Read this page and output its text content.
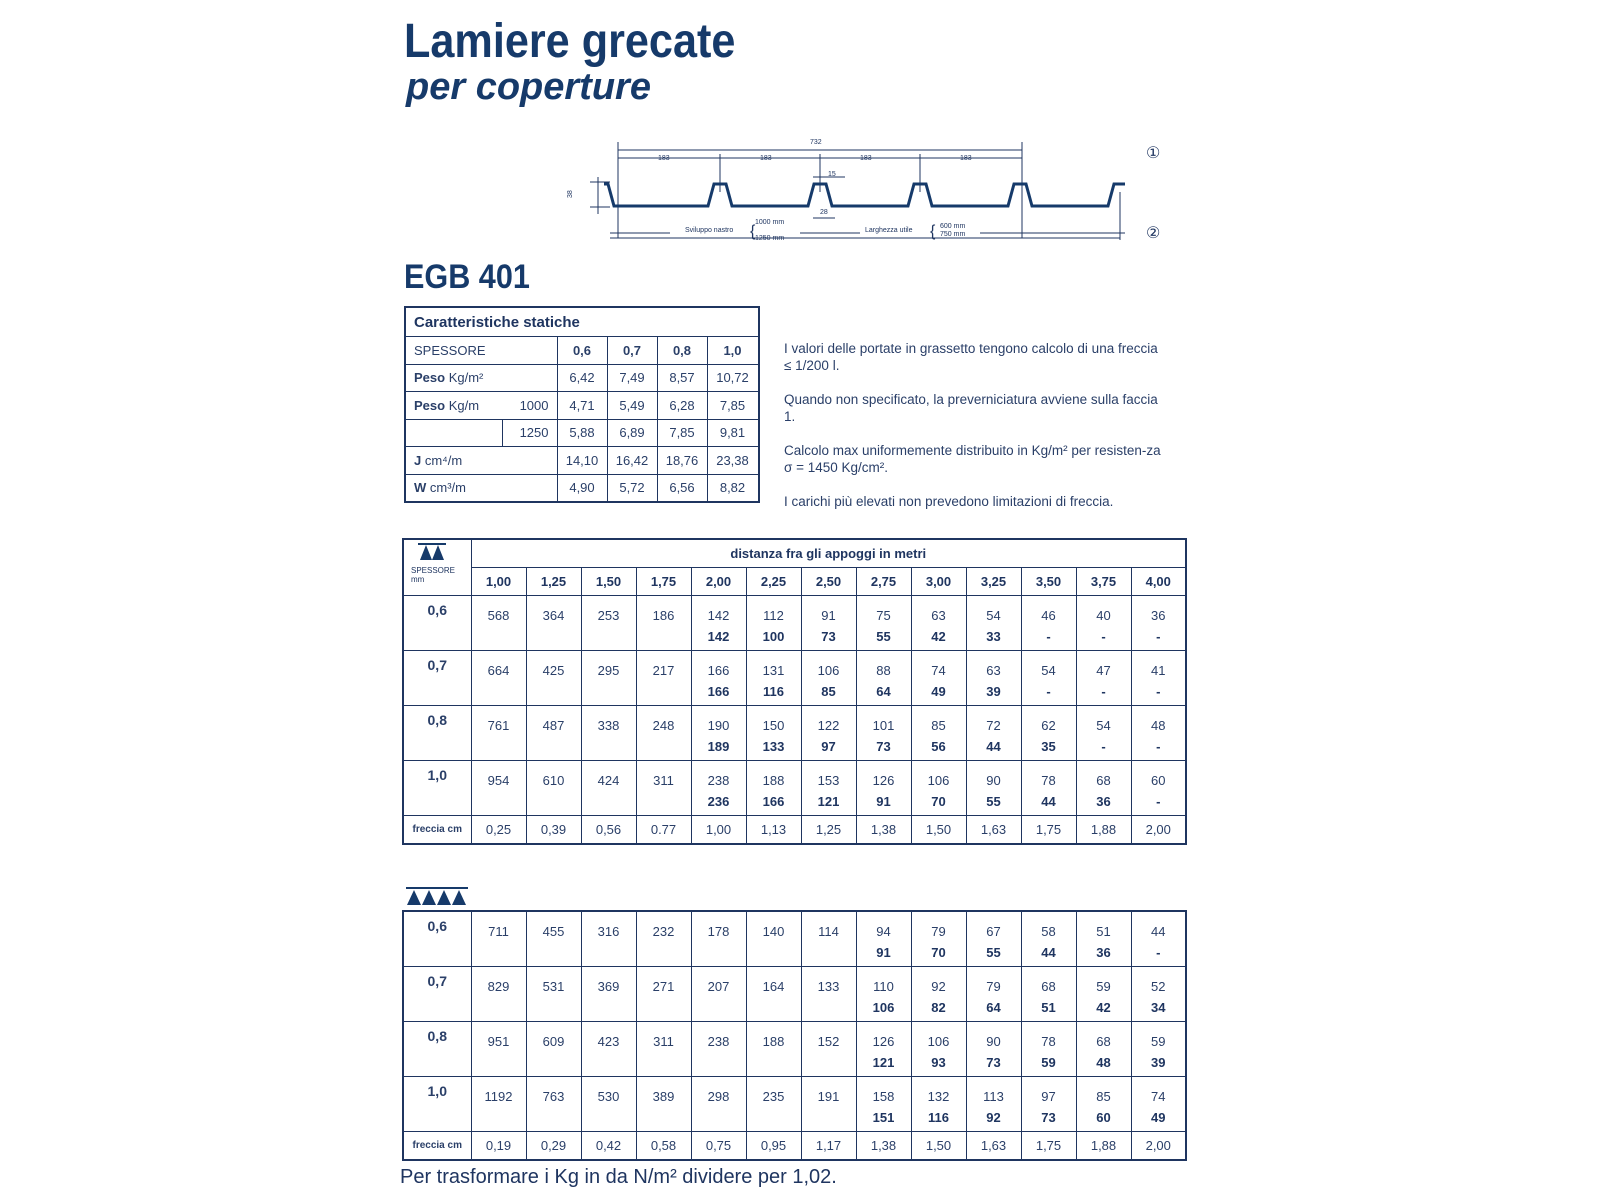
Lamiere grecate
per coperture
732
183	183	183	183
15
28
38
Sviluppo nastro
1000 mm
1250 mm
{	Larghezza utile
600 mm
750 mm
{
①
②
EGB 401
Caratteristiche statiche					
SPESSORE		0,6	0,7	0,8	1,0
Peso Kg/m²		6,42	7,49	8,57	10,72
Peso Kg/m	1000	4,71	5,49	6,28	7,85
	1250	5,88	6,89	7,85	9,81
J cm⁴/m		14,10	16,42	18,76	23,38
W cm³/m		4,90	5,72	6,56	8,82

I valori delle portate in grassetto tengono calcolo di una freccia ≤ 1/200 l.

Quando non specificato, la preverniciatura avviene sulla faccia 1.

Calcolo max uniformemente distribuito in Kg/m² per resisten-za σ = 1450 Kg/cm².

I carichi più elevati non prevedono limitazioni di freccia.

	distanza fra gli appoggi in metri												
	1,00	1,25	1,50	1,75	2,00	2,25	2,50	2,75	3,00	3,25	3,50	3,75	4,00
0,6	568	364	253	186	142	112	91	75	63	54	46	40	36
					142	100	73	55	42	33	-	-	-
0,7	664	425	295	217	166	131	106	88	74	63	54	47	41
					166	116	85	64	49	39	-	-	-
0,8	761	487	338	248	190	150	122	101	85	72	62	54	48
					189	133	97	73	56	44	35	-	-
1,0	954	610	424	311	238	188	153	126	106	90	78	68	60
					236	166	121	91	70	55	44	36	-
freccia cm	0,25	0,39	0,56	0.77	1,00	1,13	1,25	1,38	1,50	1,63	1,75	1,88	2,00
SPESSORE
mm
0,6	711	455	316	232	178	140	114	94	79	67	58	51	44
								91	70	55	44	36	-
0,7	829	531	369	271	207	164	133	110	92	79	68	59	52
								106	82	64	51	42	34
0,8	951	609	423	311	238	188	152	126	106	90	78	68	59
								121	93	73	59	48	39
1,0	1192	763	530	389	298	235	191	158	132	113	97	85	74
								151	116	92	73	60	49
freccia cm	0,19	0,29	0,42	0,58	0,75	0,95	1,17	1,38	1,50	1,63	1,75	1,88	2,00
Per trasformare i Kg in da N/m² dividere per 1,02.
